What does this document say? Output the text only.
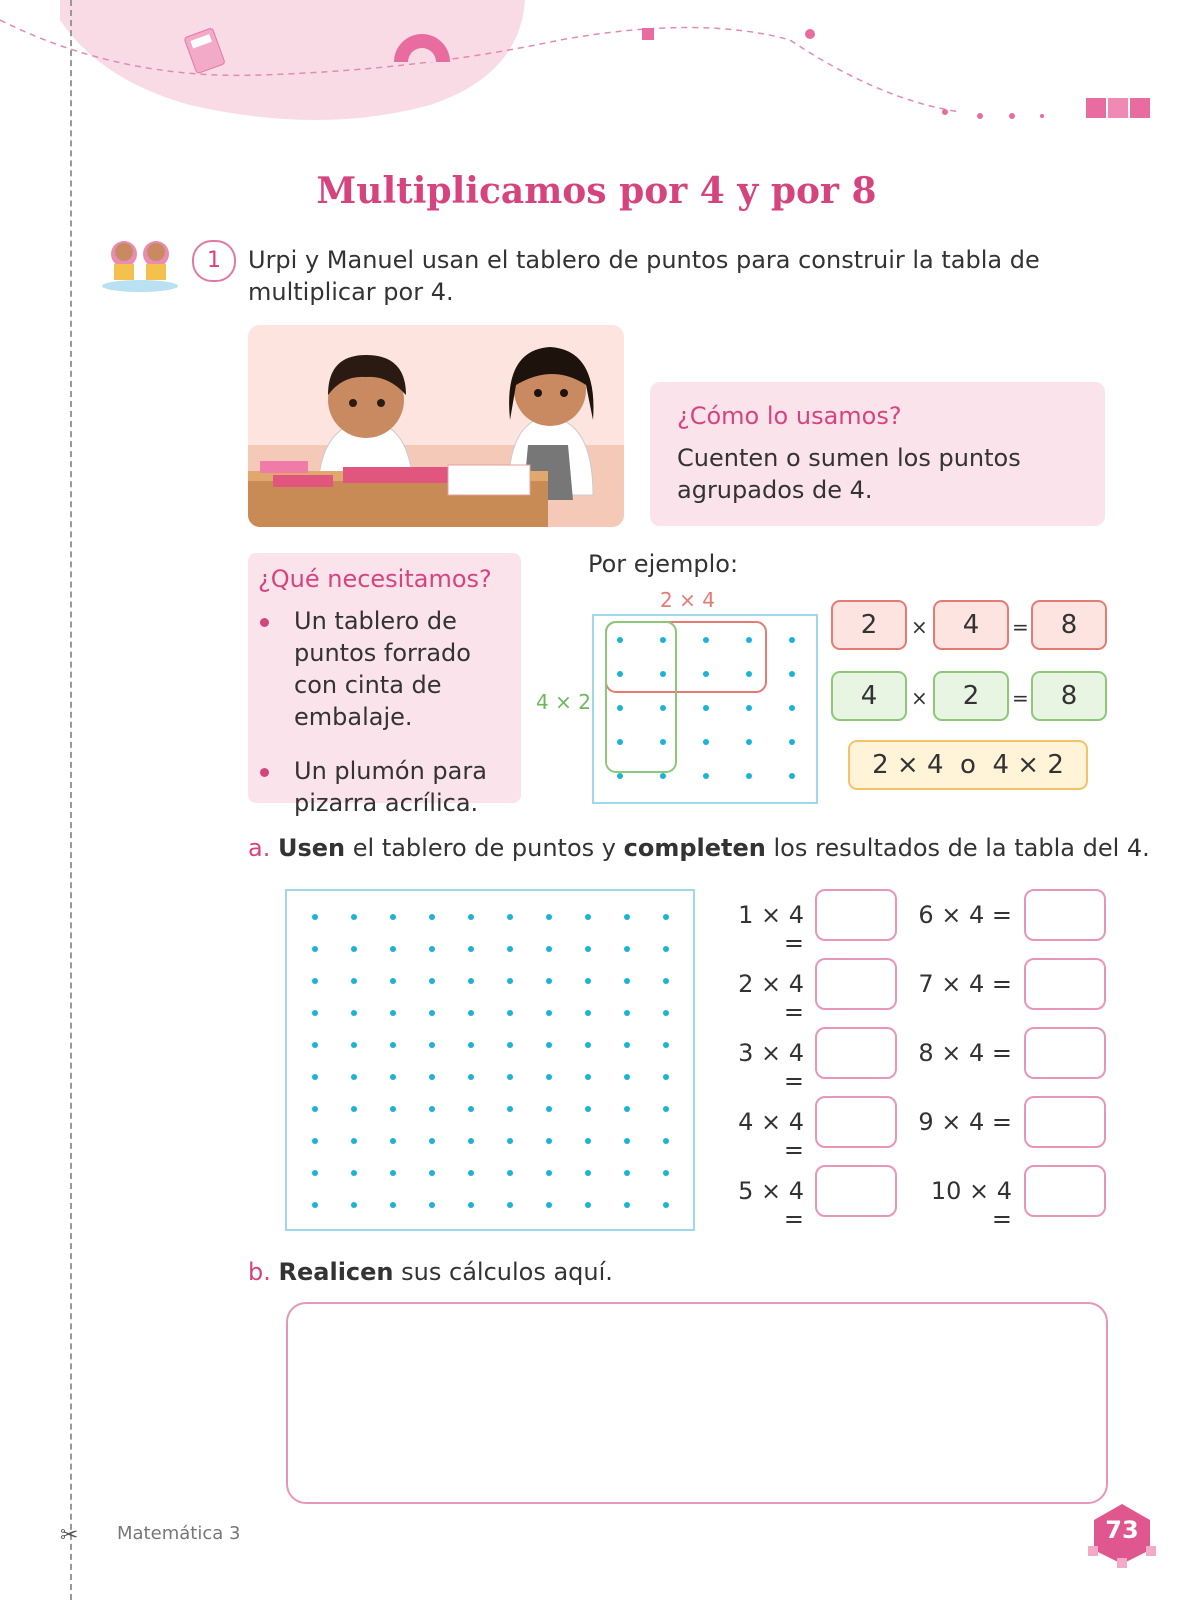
✂
Multiplicamos por 4 y por 8
1	Urpi y Manuel usan el tablero de puntos para construir la tabla de multiplicar por 4.
¿Cómo lo usamos?
Cuenten o sumen los puntos agrupados de 4.
¿Qué necesitamos?
Un tablero de puntos forrado con cinta de embalaje.
Un plumón para pizarra acrílica.
Por ejemplo:
2 × 4
4 × 2
2	×	4	=	8
4	×	2	=	8
2 × 4  o  4 × 2
a. Usen el tablero de puntos y completen los resultados de la tabla del 4.
1 × 4 =
2 × 4 =
3 × 4 =
4 × 4 =
5 × 4 =
6 × 4 =
7 × 4 =
8 × 4 =
9 × 4 =
10 × 4 =
b. Realicen sus cálculos aquí.
Matemática 3	73
